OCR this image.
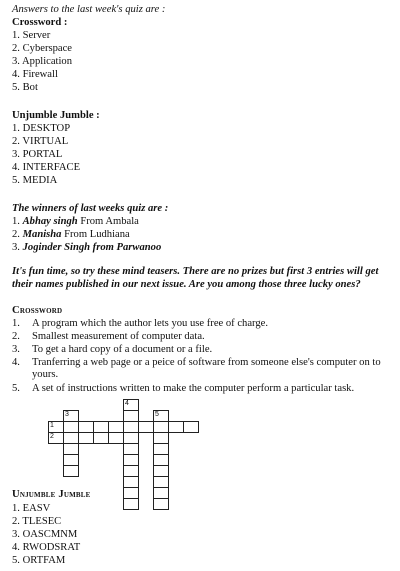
Answers to the last week's quiz are :
Crossword :
1. Server
2. Cyberspace
3. Application
4. Firewall
5. Bot
Unjumble Jumble :
1. DESKTOP
2. VIRTUAL
3. PORTAL
4. INTERFACE
5. MEDIA
The winners of last weeks quiz are :
1. Abhay singh From Ambala
2. Manisha From Ludhiana
3. Joginder Singh from Parwanoo
It's fun time, so try these mind teasers. There are no prizes but first 3 entries will get their names published in our next issue. Are you among those three lucky ones?
Crossword
1.	A program which the author lets you use free of charge.
2.	Smallest measurement of computer data.
3.	To get a hard copy of a document or a file.
4.	Tranferring a web page or a peice of software from someone else's computer on to yours.
5.	A set of instructions written to make the computer perform a particular task.
1
2
3
4
5
Unjumble Jumble
1. EASV
2. TLESEC
3. OASCMNM
4. RWODSRAT
5. ORTFAM
